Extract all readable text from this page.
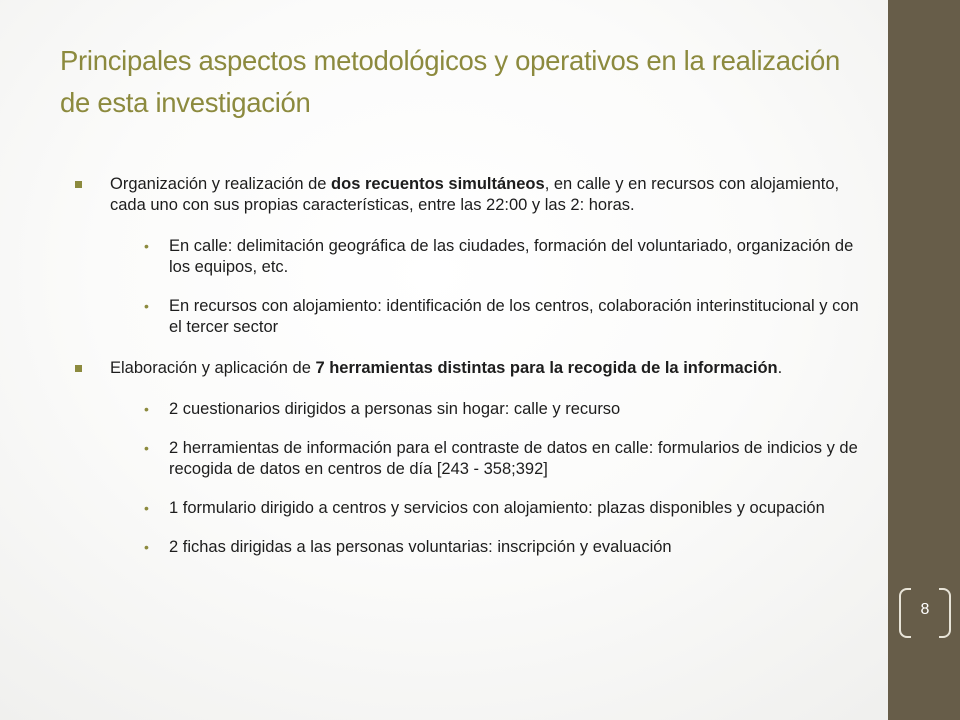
Principales aspectos metodológicos y operativos en la realización de esta investigación
Organización y realización de dos recuentos simultáneos, en calle y en recursos con alojamiento, cada uno con sus propias características, entre las 22:00 y las 2: horas.
• En calle: delimitación geográfica de las ciudades, formación del voluntariado, organización de los equipos, etc.
• En recursos con alojamiento: identificación de los centros, colaboración interinstitucional y con el tercer sector
Elaboración y aplicación de 7 herramientas distintas para la recogida de la información.
• 2 cuestionarios dirigidos a personas sin hogar: calle y recurso
• 2 herramientas de información para el contraste de datos en calle: formularios de indicios y de recogida de datos en centros de día [243 - 358;392]
• 1 formulario dirigido a centros y servicios con alojamiento: plazas disponibles y ocupación
• 2 fichas dirigidas a las personas voluntarias: inscripción y evaluación
8
